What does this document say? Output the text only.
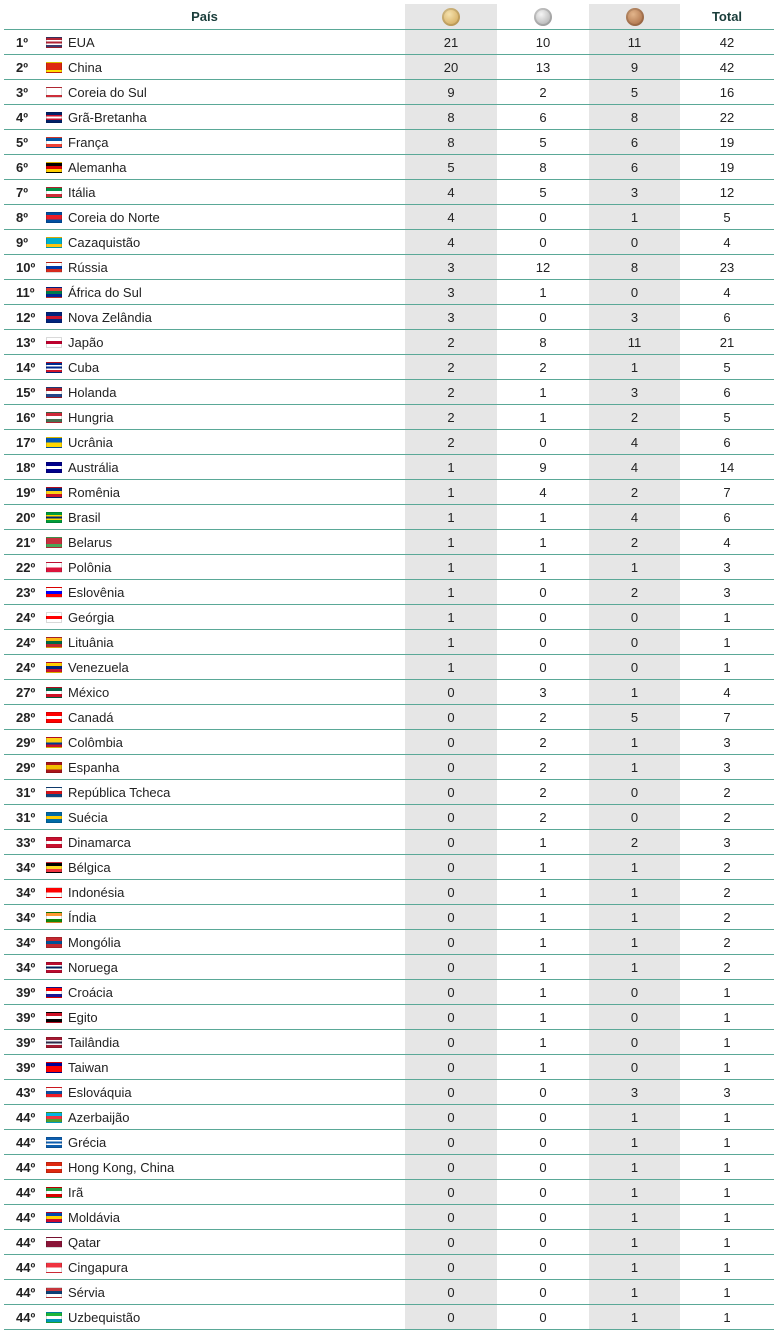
País					Total
1º	EUA	21	10	11	42
2º	China	20	13	9	42
3º	Coreia do Sul	9	2	5	16
4º	Grã-Bretanha	8	6	8	22
5º	França	8	5	6	19
6º	Alemanha	5	8	6	19
7º	Itália	4	5	3	12
8º	Coreia do Norte	4	0	1	5
9º	Cazaquistão	4	0	0	4
10º	Rússia	3	12	8	23
11º	África do Sul	3	1	0	4
12º	Nova Zelândia	3	0	3	6
13º	Japão	2	8	11	21
14º	Cuba	2	2	1	5
15º	Holanda	2	1	3	6
16º	Hungria	2	1	2	5
17º	Ucrânia	2	0	4	6
18º	Austrália	1	9	4	14
19º	Romênia	1	4	2	7
20º	Brasil	1	1	4	6
21º	Belarus	1	1	2	4
22º	Polônia	1	1	1	3
23º	Eslovênia	1	0	2	3
24º	Geórgia	1	0	0	1
24º	Lituânia	1	0	0	1
24º	Venezuela	1	0	0	1
27º	México	0	3	1	4
28º	Canadá	0	2	5	7
29º	Colômbia	0	2	1	3
29º	Espanha	0	2	1	3
31º	República Tcheca	0	2	0	2
31º	Suécia	0	2	0	2
33º	Dinamarca	0	1	2	3
34º	Bélgica	0	1	1	2
34º	Indonésia	0	1	1	2
34º	Índia	0	1	1	2
34º	Mongólia	0	1	1	2
34º	Noruega	0	1	1	2
39º	Croácia	0	1	0	1
39º	Egito	0	1	0	1
39º	Tailândia	0	1	0	1
39º	Taiwan	0	1	0	1
43º	Eslováquia	0	0	3	3
44º	Azerbaijão	0	0	1	1
44º	Grécia	0	0	1	1
44º	Hong Kong, China	0	0	1	1
44º	Irã	0	0	1	1
44º	Moldávia	0	0	1	1
44º	Qatar	0	0	1	1
44º	Cingapura	0	0	1	1
44º	Sérvia	0	0	1	1
44º	Uzbequistão	0	0	1	1
